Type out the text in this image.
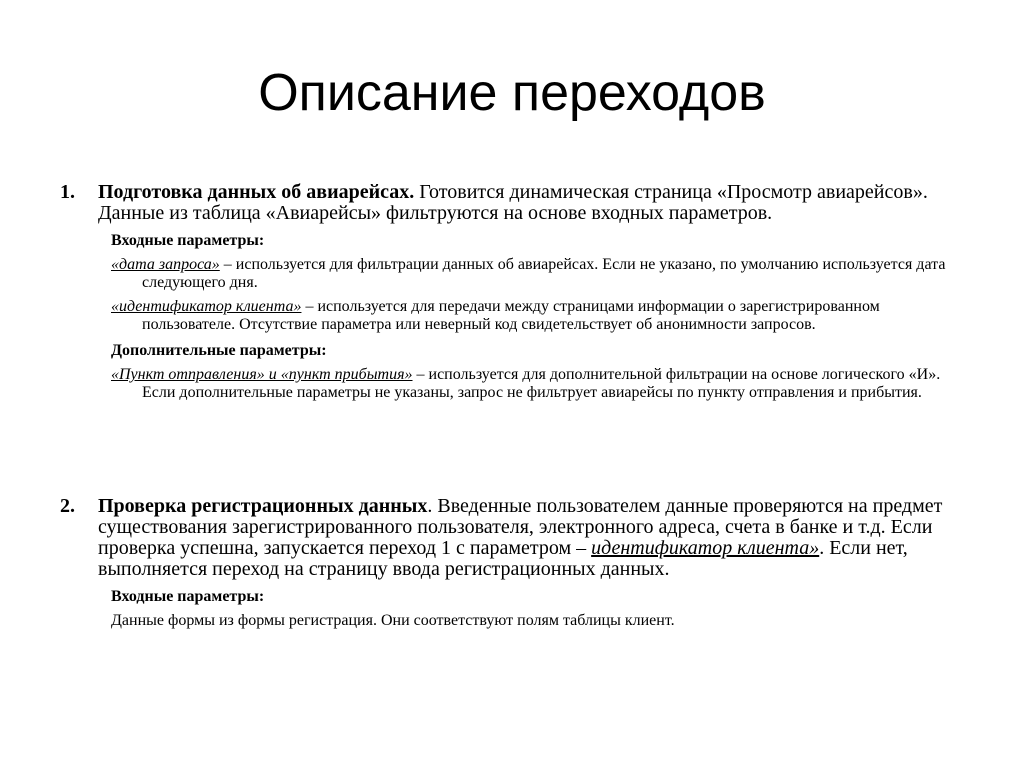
Описание переходов
1. Подготовка данных об авиарейсах. Готовится динамическая страница «Просмотр авиарейсов». Данные из таблица «Авиарейсы» фильтруются на основе входных параметров.
Входные параметры:
«дата запроса» – используется для фильтрации данных об авиарейсах. Если не указано, по умолчанию используется дата следующего дня.
«идентификатор клиента» – используется для передачи между страницами информации о зарегистрированном пользователе. Отсутствие параметра или неверный код свидетельствует об анонимности запросов.
Дополнительные параметры:
«Пункт отправления» и «пункт прибытия» – используется для дополнительной фильтрации на основе логического «И». Если дополнительные параметры не указаны, запрос не фильтрует авиарейсы по пункту отправления и прибытия.
2. Проверка регистрационных данных. Введенные пользователем данные проверяются на предмет существования зарегистрированного пользователя, электронного адреса, счета в банке и т.д. Если проверка успешна, запускается переход 1 с параметром – идентификатор клиента». Если нет, выполняется переход на страницу ввода регистрационных данных.
Входные параметры:
Данные формы из формы регистрация. Они соответствуют полям таблицы клиент.
